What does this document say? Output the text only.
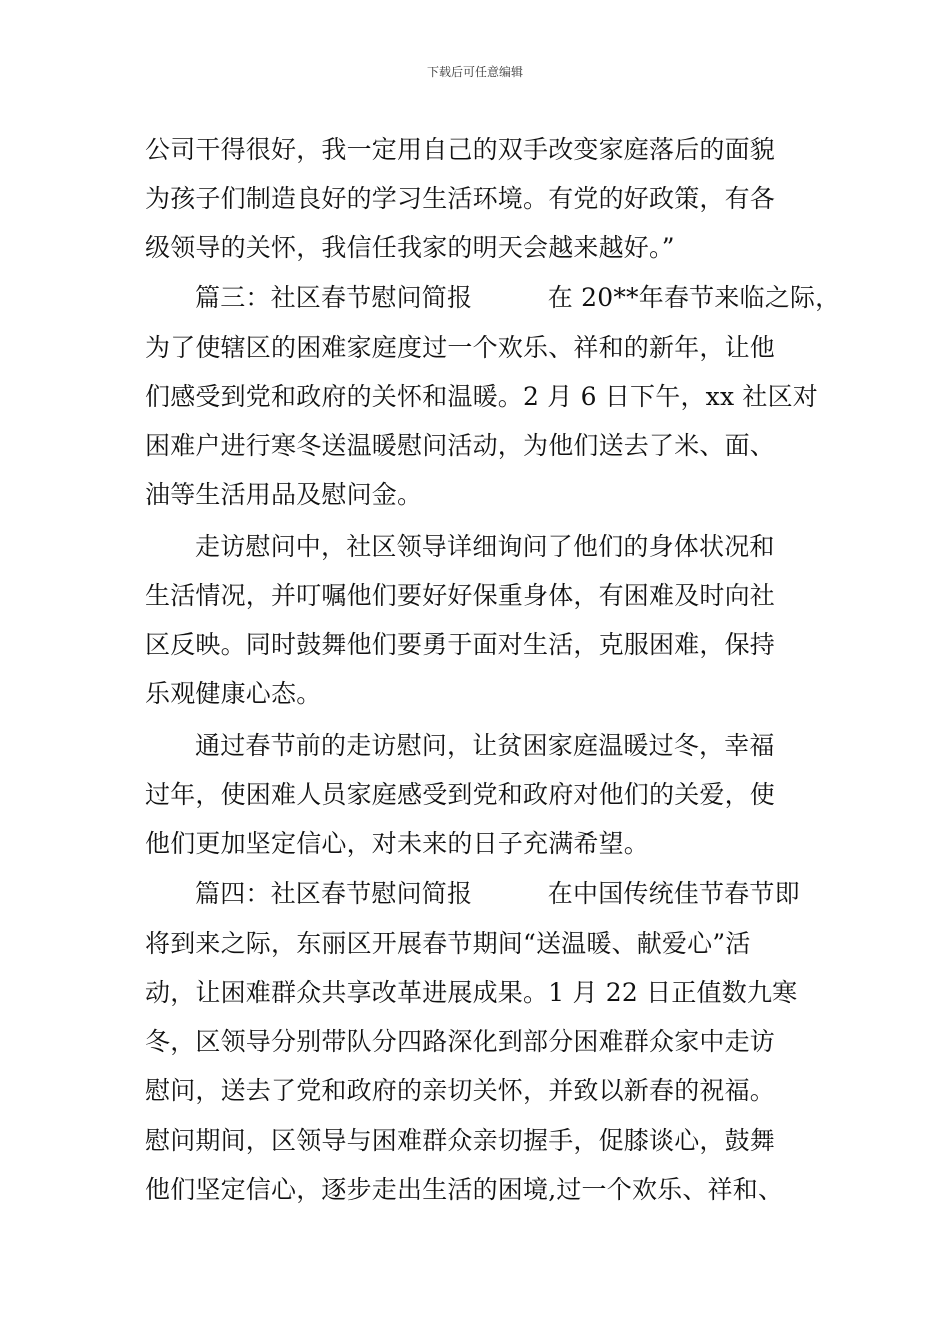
下载后可任意编辑
公司干得很好，我一定用自己的双手改变家庭落后的面貌
为孩子们制造良好的学习生活环境。有党的好政策，有各
级领导的关怀，我信任我家的明天会越来越好。”
篇三：社区春节慰问简报　　　在 20**年春节来临之际，
为了使辖区的困难家庭度过一个欢乐、祥和的新年，让他
们感受到党和政府的关怀和温暖。2 月 6 日下午，xx 社区对
困难户进行寒冬送温暖慰问活动，为他们送去了米、面、
油等生活用品及慰问金。
走访慰问中，社区领导详细询问了他们的身体状况和
生活情况，并叮嘱他们要好好保重身体，有困难及时向社
区反映。同时鼓舞他们要勇于面对生活，克服困难，保持
乐观健康心态。
通过春节前的走访慰问，让贫困家庭温暖过冬，幸福
过年，使困难人员家庭感受到党和政府对他们的关爱，使
他们更加坚定信心，对未来的日子充满希望。
篇四：社区春节慰问简报　　　在中国传统佳节春节即
将到来之际，东丽区开展春节期间“送温暖、献爱心”活
动，让困难群众共享改革进展成果。1 月 22 日正值数九寒
冬，区领导分别带队分四路深化到部分困难群众家中走访
慰问，送去了党和政府的亲切关怀，并致以新春的祝福。
慰问期间，区领导与困难群众亲切握手，促膝谈心，鼓舞
他们坚定信心，逐步走出生活的困境,过一个欢乐、祥和、
